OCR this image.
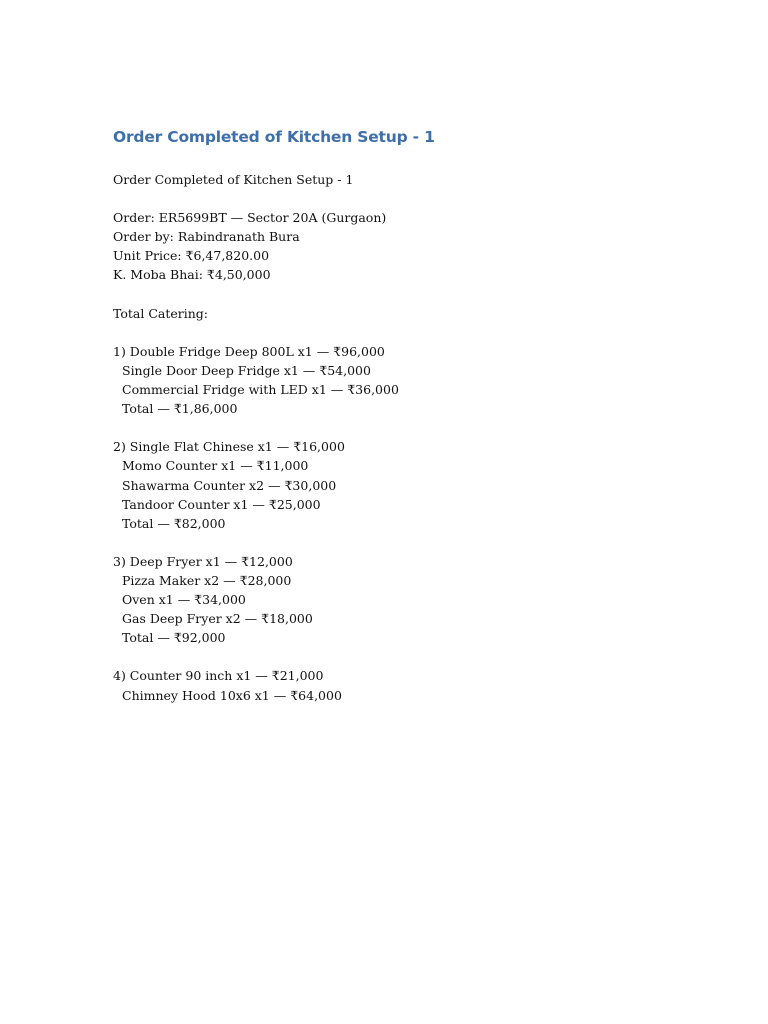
Order Completed of Kitchen Setup - 1
Order Completed of Kitchen Setup - 1
Order: ER5699BT — Sector 20A (Gurgaon)
Order by: Rabindranath Bura
Unit Price: ₹6,47,820.00
K. Moba Bhai: ₹4,50,000
Total Catering:
1) Double Fridge Deep 800L x1 — ₹96,000
Single Door Deep Fridge x1 — ₹54,000
Commercial Fridge with LED x1 — ₹36,000
Total — ₹1,86,000
2) Single Flat Chinese x1 — ₹16,000
Momo Counter x1 — ₹11,000
Shawarma Counter x2 — ₹30,000
Tandoor Counter x1 — ₹25,000
Total — ₹82,000
3) Deep Fryer x1 — ₹12,000
Pizza Maker x2 — ₹28,000
Oven x1 — ₹34,000
Gas Deep Fryer x2 — ₹18,000
Total — ₹92,000
4) Counter 90 inch x1 — ₹21,000
Chimney Hood 10x6 x1 — ₹64,000
